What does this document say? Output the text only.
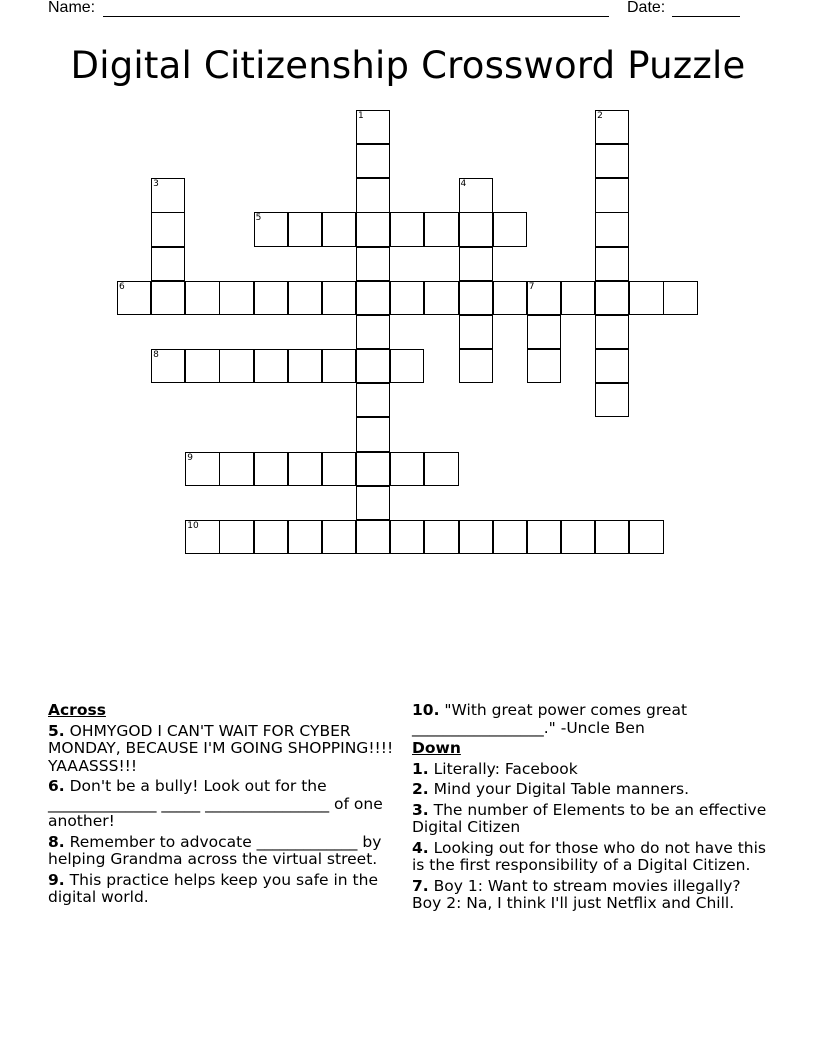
Name:	Date:
Digital Citizenship Crossword Puzzle
5
6	7
8
9
10
1	2
3	4
Across
5. OHMYGOD I CAN'T WAIT FOR CYBER MONDAY, BECAUSE I'M GOING SHOPPING!!!! YAAASSS!!!
6. Don't be a bully! Look out for the ______________ _____ ________________ of one another!
8. Remember to advocate _____________ by helping Grandma across the virtual street.
9. This practice helps keep you safe in the digital world.
10. "With great power comes great _________________." -Uncle Ben
Down
1. Literally: Facebook
2. Mind your Digital Table manners.
3. The number of Elements to be an effective Digital Citizen
4. Looking out for those who do not have this is the first responsibility of a Digital Citizen.
7. Boy 1: Want to stream movies illegally? Boy 2: Na, I think I'll just Netflix and Chill.
